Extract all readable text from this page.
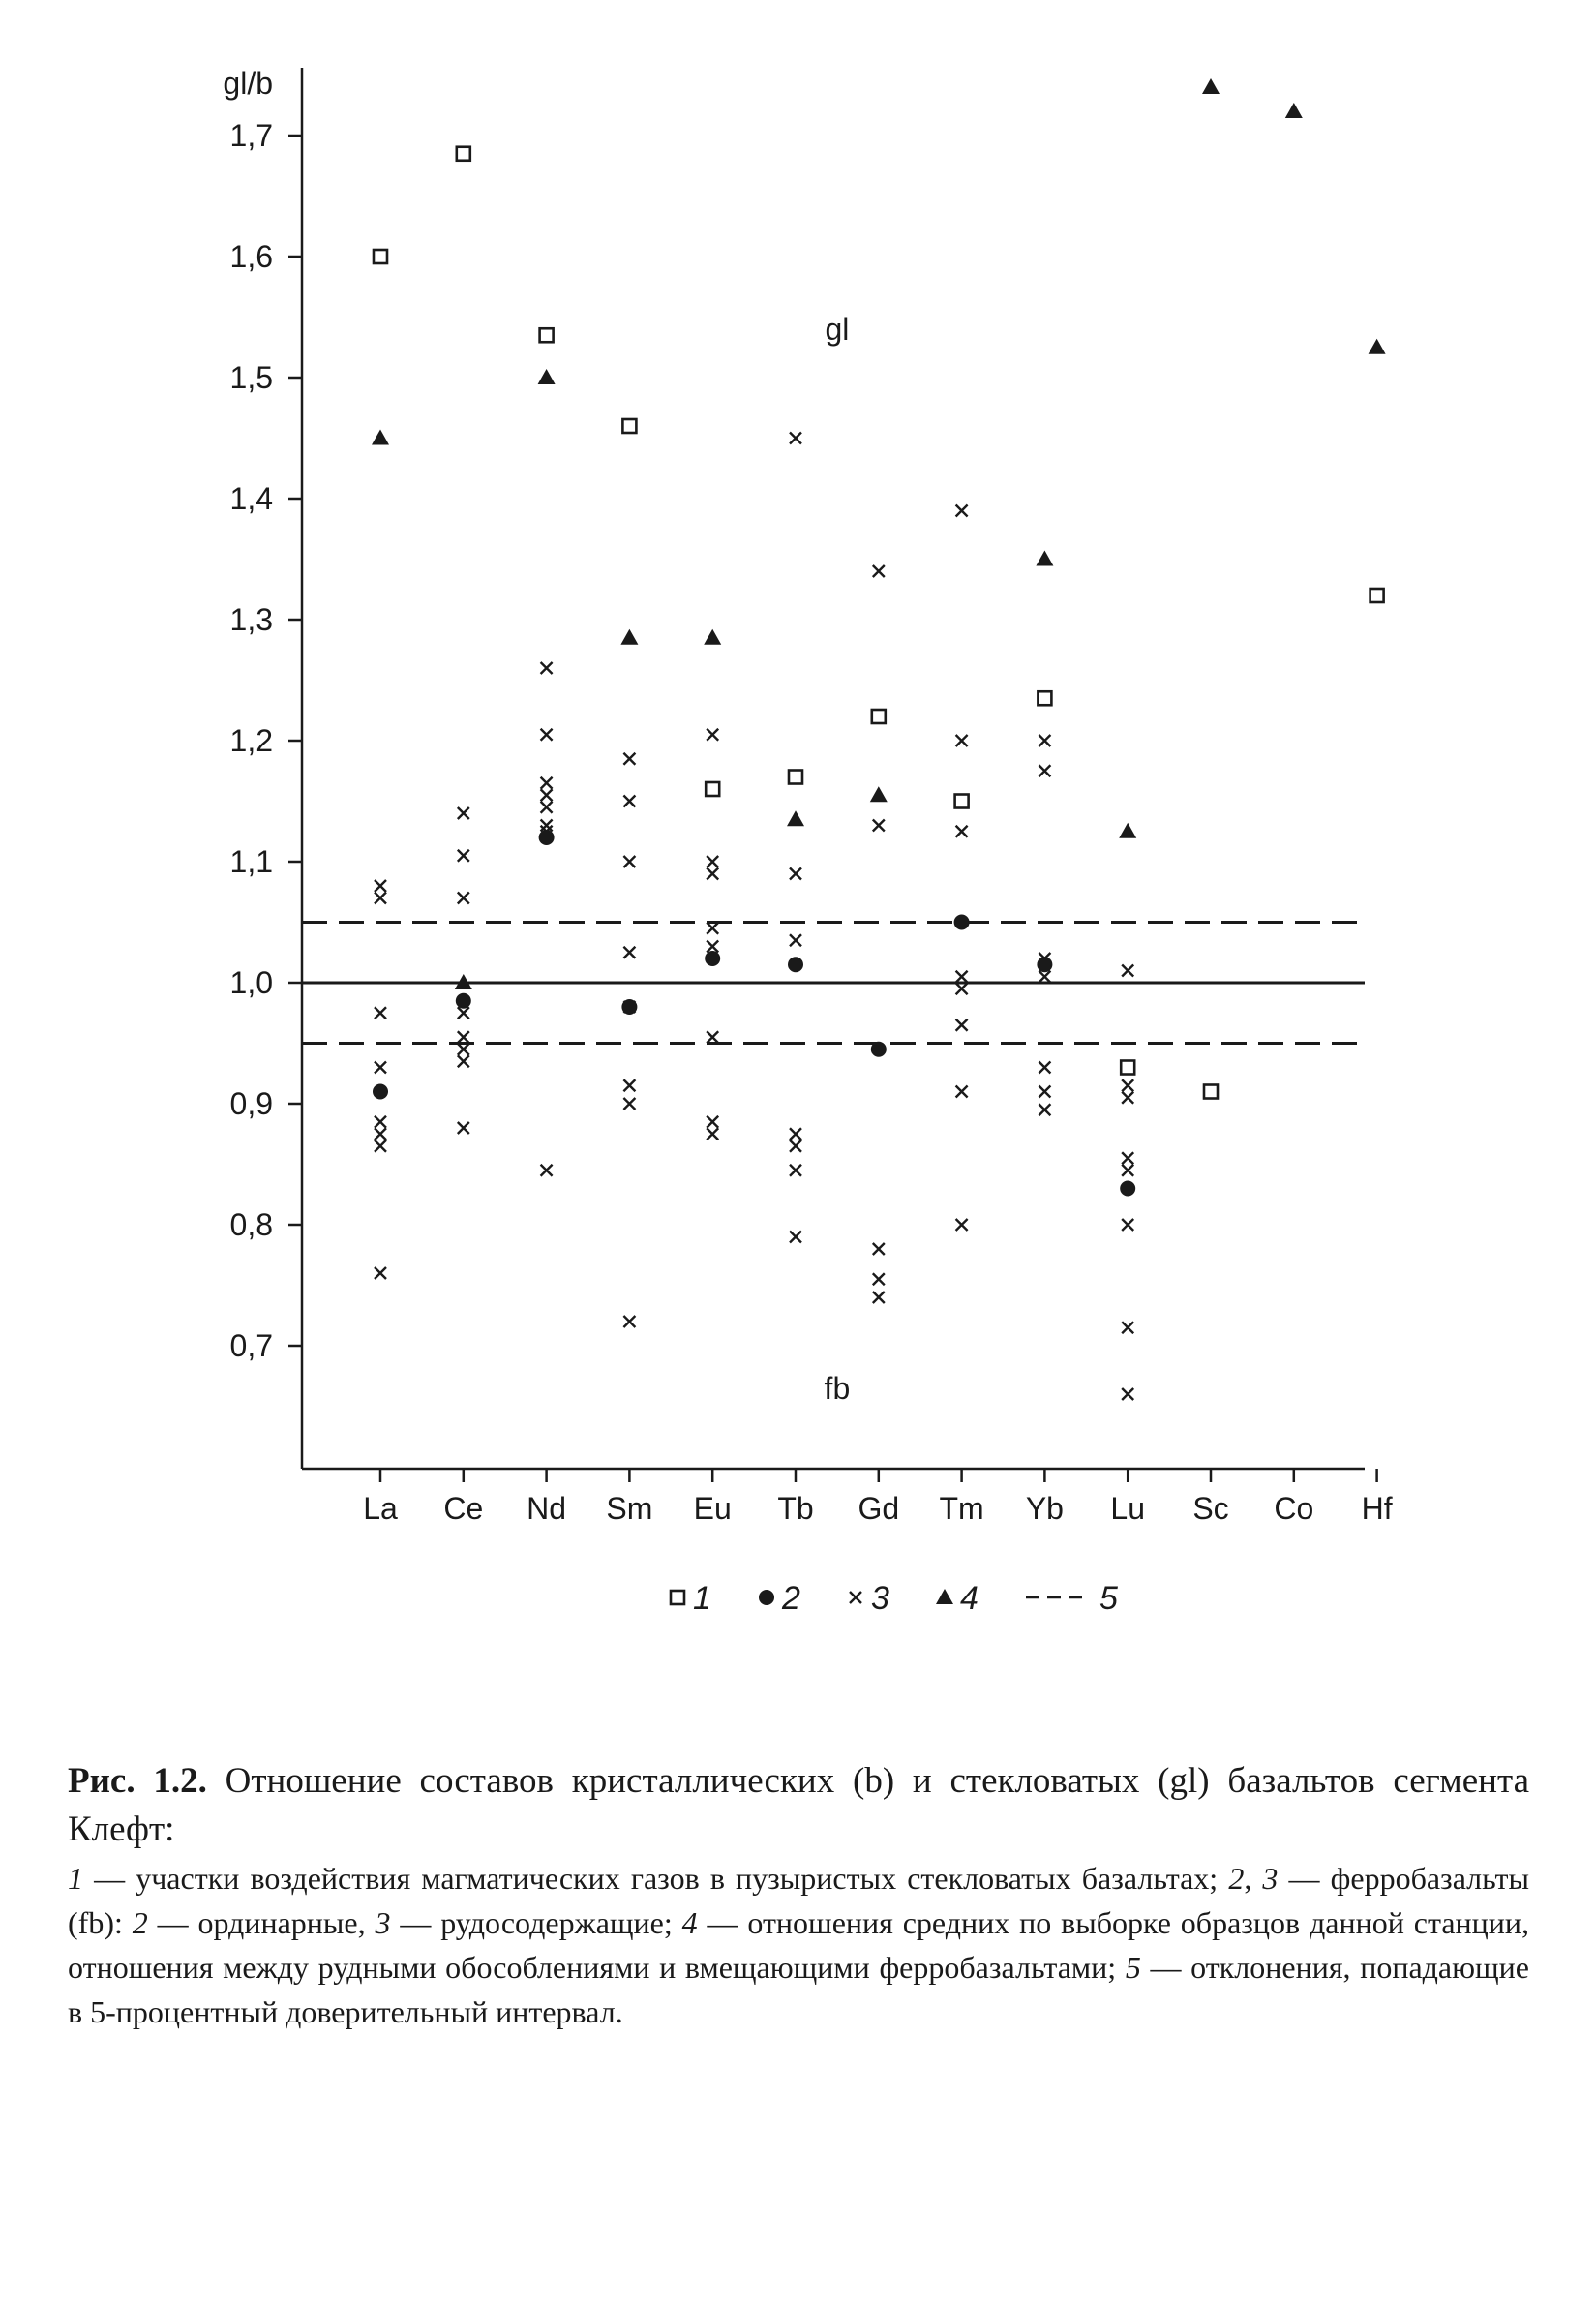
1,7
1,6
1,5
1,4
1,3
1,2
1,1
1,0
0,9
0,8
0,7
gl/b
La Ce Nd Sm Eu Tb Gd Tm Yb Lu Sc Co Hf
gl
fb
1 2 3 4	5
Рис. 1.2. Отношение составов кристаллических (b) и стекловатых (gl) базальтов сегмента Клефт:
1 — участки воздействия магматических газов в пузыристых стекловатых базальтах; 2, 3 — ферробазальты (fb): 2 — ординарные, 3 — рудосодержащие; 4 — отношения средних по выборке образцов данной станции, отношения между рудными обособлениями и вмещающими ферробазальтами; 5 — отклонения, попадающие в 5-процентный доверительный интервал.
